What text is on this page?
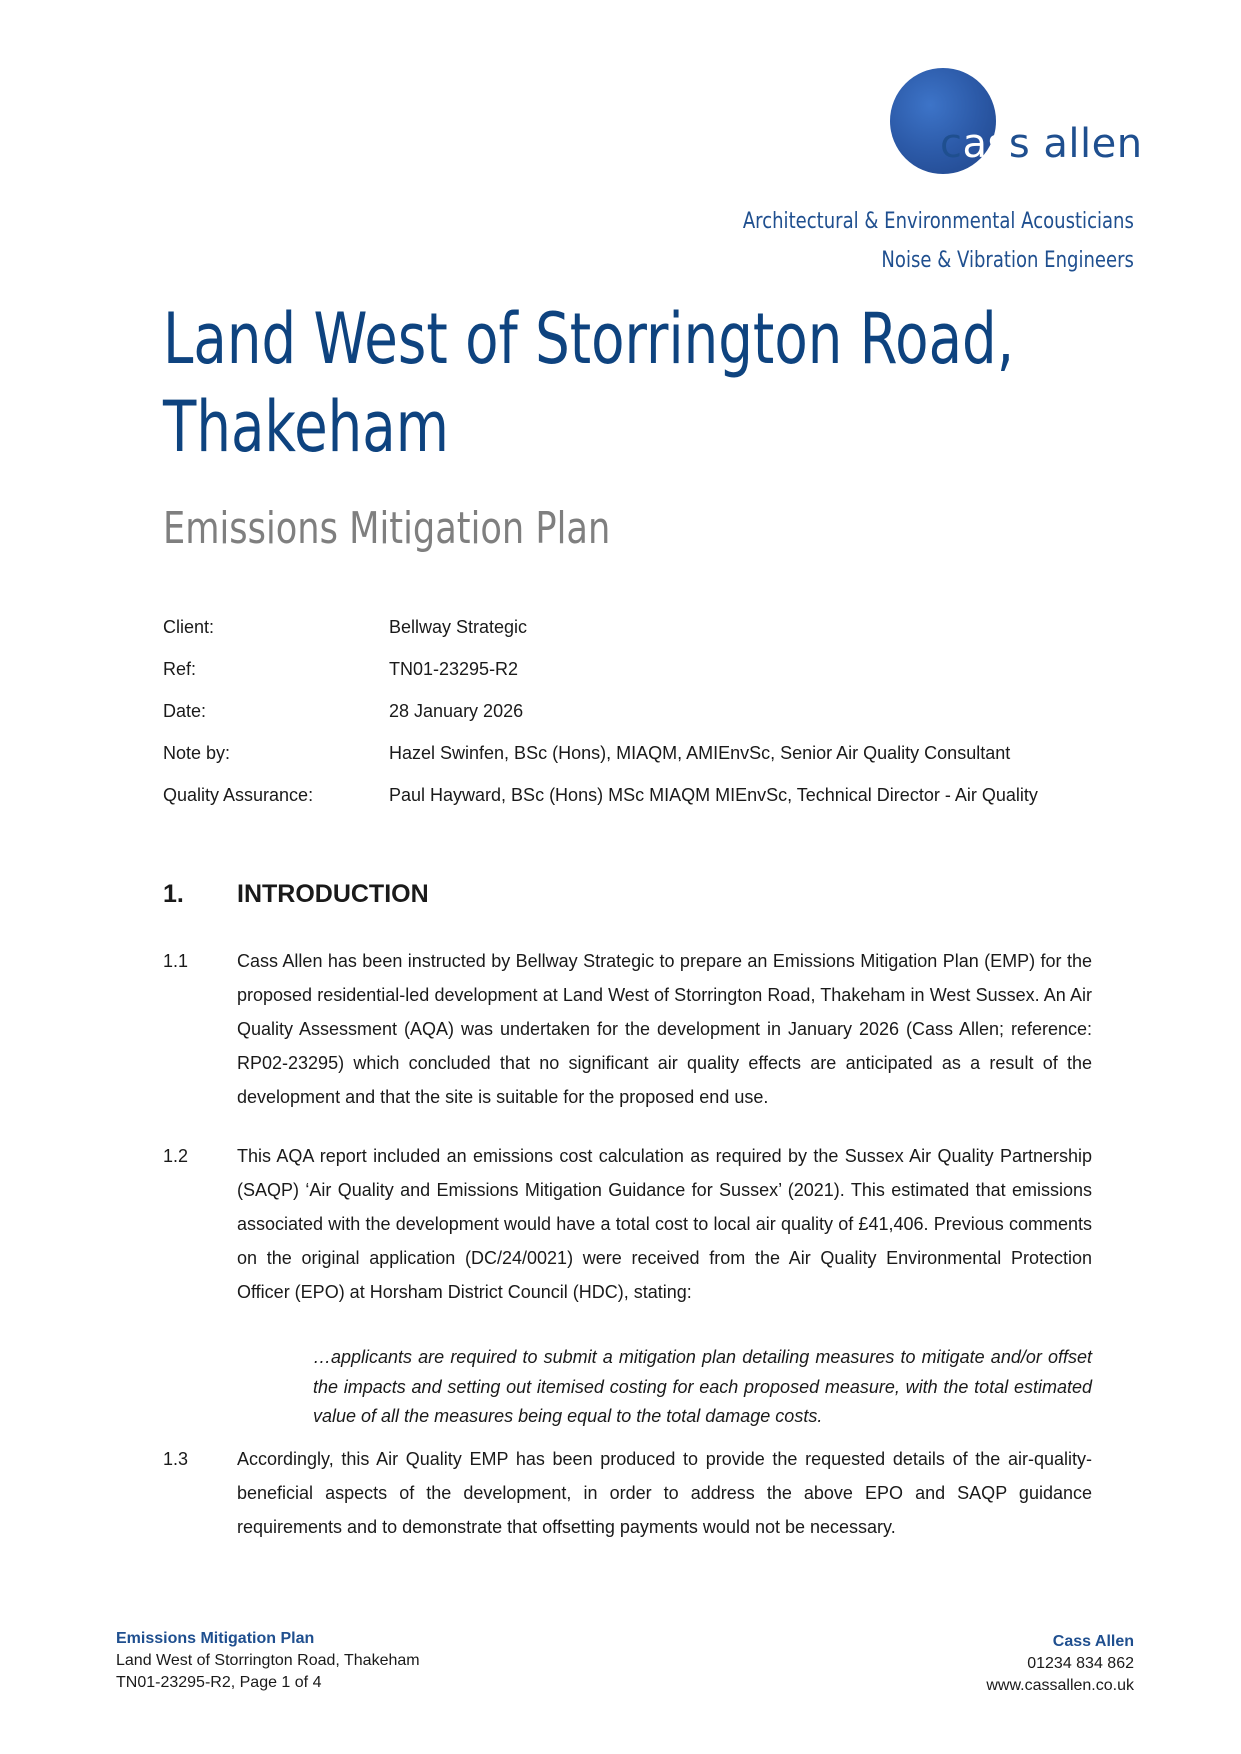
cass allen
Architectural & Environmental Acousticians
Noise & Vibration Engineers
Land West of Storrington Road,
Thakeham
Emissions Mitigation Plan
Client:	Bellway Strategic
Ref:	TN01-23295-R2
Date:	28 January 2026
Note by:	Hazel Swinfen, BSc (Hons), MIAQM, AMIEnvSc, Senior Air Quality Consultant
Quality Assurance:	Paul Hayward, BSc (Hons) MSc MIAQM MIEnvSc, Technical Director - Air Quality
1.	INTRODUCTION
1.1	Cass Allen has been instructed by Bellway Strategic to prepare an Emissions Mitigation Plan (EMP) for the proposed residential-led development at Land West of Storrington Road, Thakeham in West Sussex. An Air Quality Assessment (AQA) was undertaken for the development in January 2026 (Cass Allen; reference: RP02-23295) which concluded that no significant air quality effects are anticipated as a result of the development and that the site is suitable for the proposed end use.
1.2	This AQA report included an emissions cost calculation as required by the Sussex Air Quality Partnership (SAQP) ‘Air Quality and Emissions Mitigation Guidance for Sussex’ (2021). This estimated that emissions associated with the development would have a total cost to local air quality of £41,406. Previous comments on the original application (DC/24/0021) were received from the Air Quality Environmental Protection Officer (EPO) at Horsham District Council (HDC), stating:
…applicants are required to submit a mitigation plan detailing measures to mitigate and/or offset the impacts and setting out itemised costing for each proposed measure, with the total estimated value of all the measures being equal to the total damage costs.
1.3	Accordingly, this Air Quality EMP has been produced to provide the requested details of the air-quality-beneficial aspects of the development, in order to address the above EPO and SAQP guidance requirements and to demonstrate that offsetting payments would not be necessary.
Emissions Mitigation Plan
Land West of Storrington Road, Thakeham
TN01-23295-R2, Page 1 of 4
Cass Allen
01234 834 862
www.cassallen.co.uk
